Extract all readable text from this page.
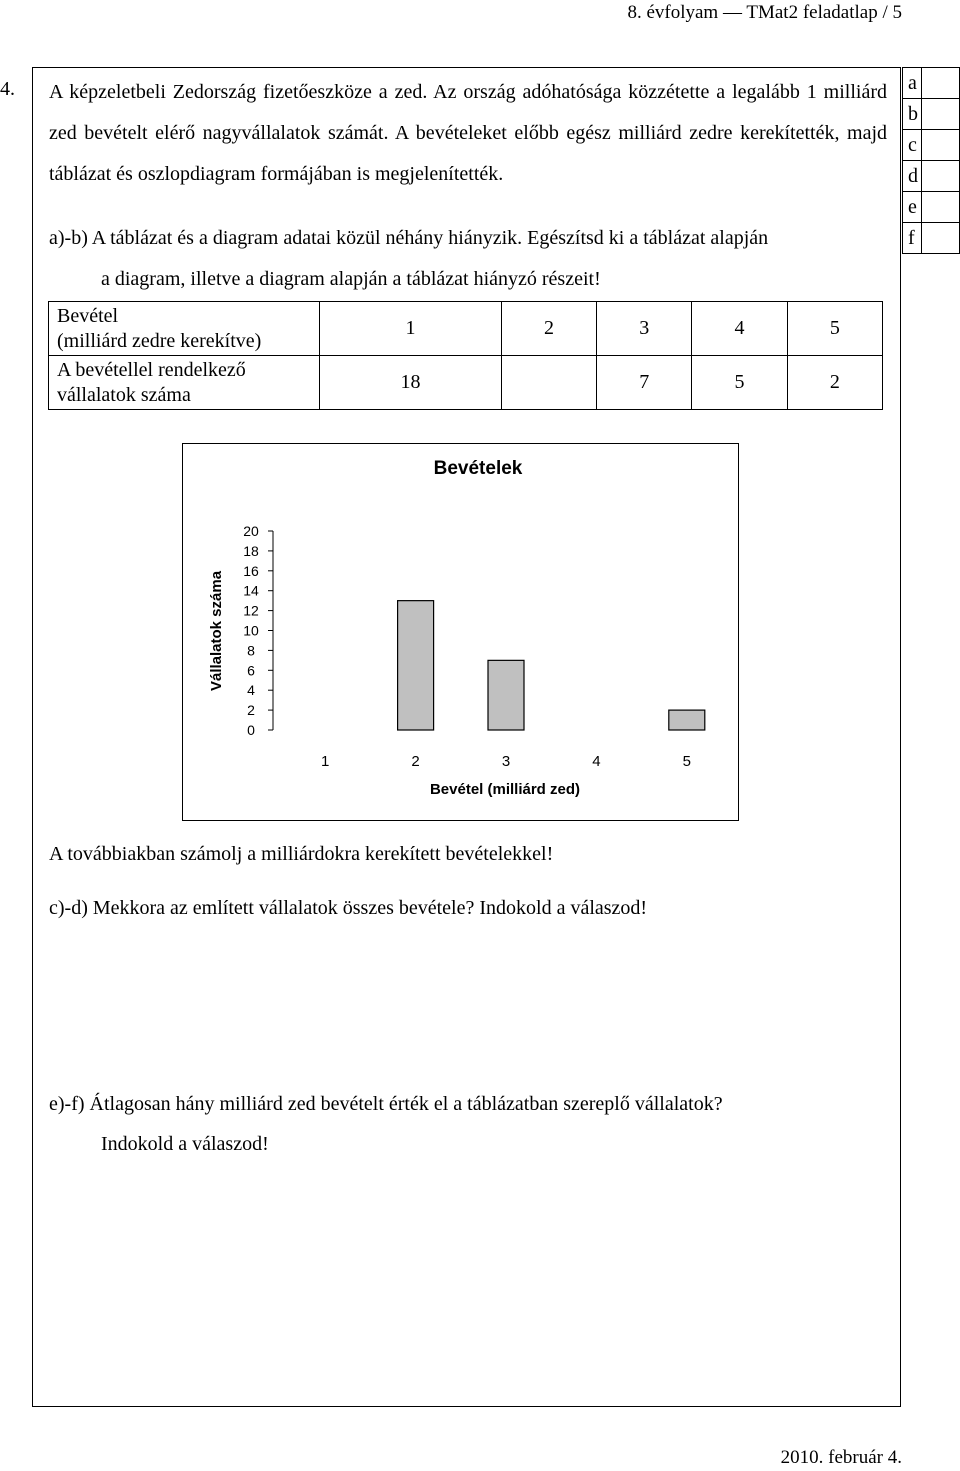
8. évfolyam — TMat2 feladatlap / 5
4. A képzeletbeli Zedország fizetőeszköze a zed. Az ország adóhatósága közzétette a legalább 1 milliárd zed bevételt elérő nagyvállalatok számát. A bevételeket előbb egész milliárd zedre kerekítették, majd táblázat és oszlopdiagram formájában is megjelenítették.
a)-b) A táblázat és a diagram adatai közül néhány hiányzik. Egészítsd ki a táblázat alapján
a diagram, illetve a diagram alapján a táblázat hiányzó részeit!
a	
b	
c	
d	
e	
f	
Bevétel
(milliárd zedre kerekítve)	1	2	3	4	5

A bevétellel rendelkező
vállalatok száma	18		7	5	2
Bevételek
0
2
4
6
8
10
12
14
16
18
20
Vállalatok száma
1	2	3	4	5
Bevétel (milliárd zed)
A továbbiakban számolj a milliárdokra kerekített bevételekkel!
c)-d) Mekkora az említett vállalatok összes bevétele? Indokold a válaszod!
e)-f) Átlagosan hány milliárd zed bevételt érték el a táblázatban szereplő vállalatok?
Indokold a válaszod!
2010. február 4.
